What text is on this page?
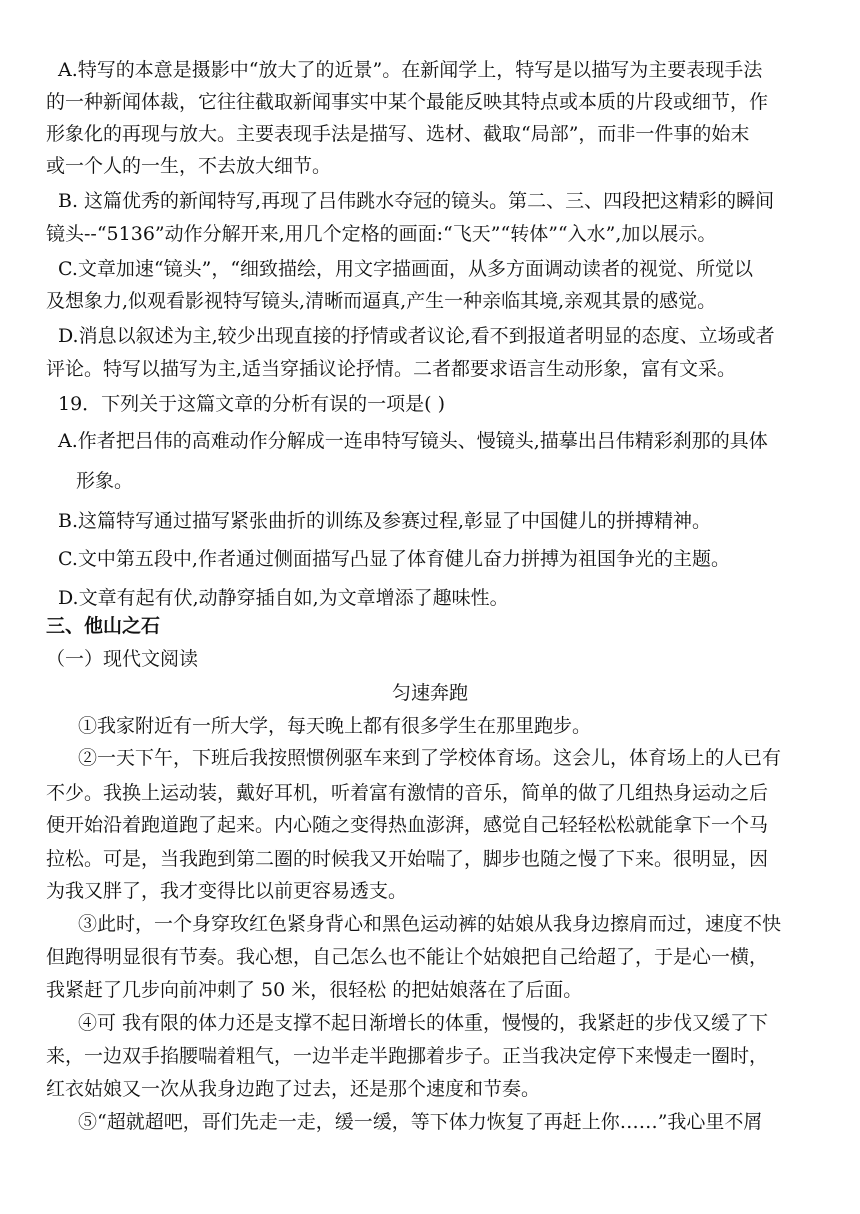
A.特写的本意是摄影中“放大了的近景”。在新闻学上，特写是以描写为主要表现手法
的一种新闻体裁，它往往截取新闻事实中某个最能反映其特点或本质的片段或细节，作
形象化的再现与放大。主要表现手法是描写、选材、截取“局部”，而非一件事的始末
或一个人的一生，不去放大细节。
B. 这篇优秀的新闻特写,再现了吕伟跳水夺冠的镜头。第二、三、四段把这精彩的瞬间
镜头--“5136”动作分解开来,用几个定格的画面:“飞天”“转体”“入水”,加以展示。
C.文章加速“镜头”，“细致描绘，用文字描画面，从多方面调动读者的视觉、所觉以
及想象力,似观看影视特写镜头,清晰而逼真,产生一种亲临其境,亲观其景的感觉。
D.消息以叙述为主,较少出现直接的抒情或者议论,看不到报道者明显的态度、立场或者
评论。特写以描写为主,适当穿插议论抒情。二者都要求语言生动形象，富有文采。
19．下列关于这篇文章的分析有误的一项是( )
A.作者把吕伟的高难动作分解成一连串特写镜头、慢镜头,描摹出吕伟精彩刹那的具体
形象。
B.这篇特写通过描写紧张曲折的训练及参赛过程,彰显了中国健儿的拼搏精神。
C.文中第五段中,作者通过侧面描写凸显了体育健儿奋力拼搏为祖国争光的主题。
D.文章有起有伏,动静穿插自如,为文章增添了趣味性。
三、他山之石
（一）现代文阅读
匀速奔跑
①我家附近有一所大学，每天晚上都有很多学生在那里跑步。
②一天下午，下班后我按照惯例驱车来到了学校体育场。这会儿，体育场上的人已有
不少。我换上运动装，戴好耳机，听着富有激情的音乐，简单的做了几组热身运动之后
便开始沿着跑道跑了起来。内心随之变得热血澎湃，感觉自己轻轻松松就能拿下一个马
拉松。可是，当我跑到第二圈的时候我又开始喘了，脚步也随之慢了下来。很明显，因
为我又胖了，我才变得比以前更容易透支。
③此时，一个身穿玫红色紧身背心和黑色运动裤的姑娘从我身边擦肩而过，速度不快
但跑得明显很有节奏。我心想，自己怎么也不能让个姑娘把自己给超了，于是心一横，
我紧赶了几步向前冲刺了 50 米，很轻松 的把姑娘落在了后面。
④可 我有限的体力还是支撑不起日渐增长的体重，慢慢的，我紧赶的步伐又缓了下
来，一边双手掐腰喘着粗气，一边半走半跑挪着步子。正当我决定停下来慢走一圈时，
红衣姑娘又一次从我身边跑了过去，还是那个速度和节奏。
⑤“超就超吧，哥们先走一走，缓一缓，等下体力恢复了再赶上你……”我心里不屑
